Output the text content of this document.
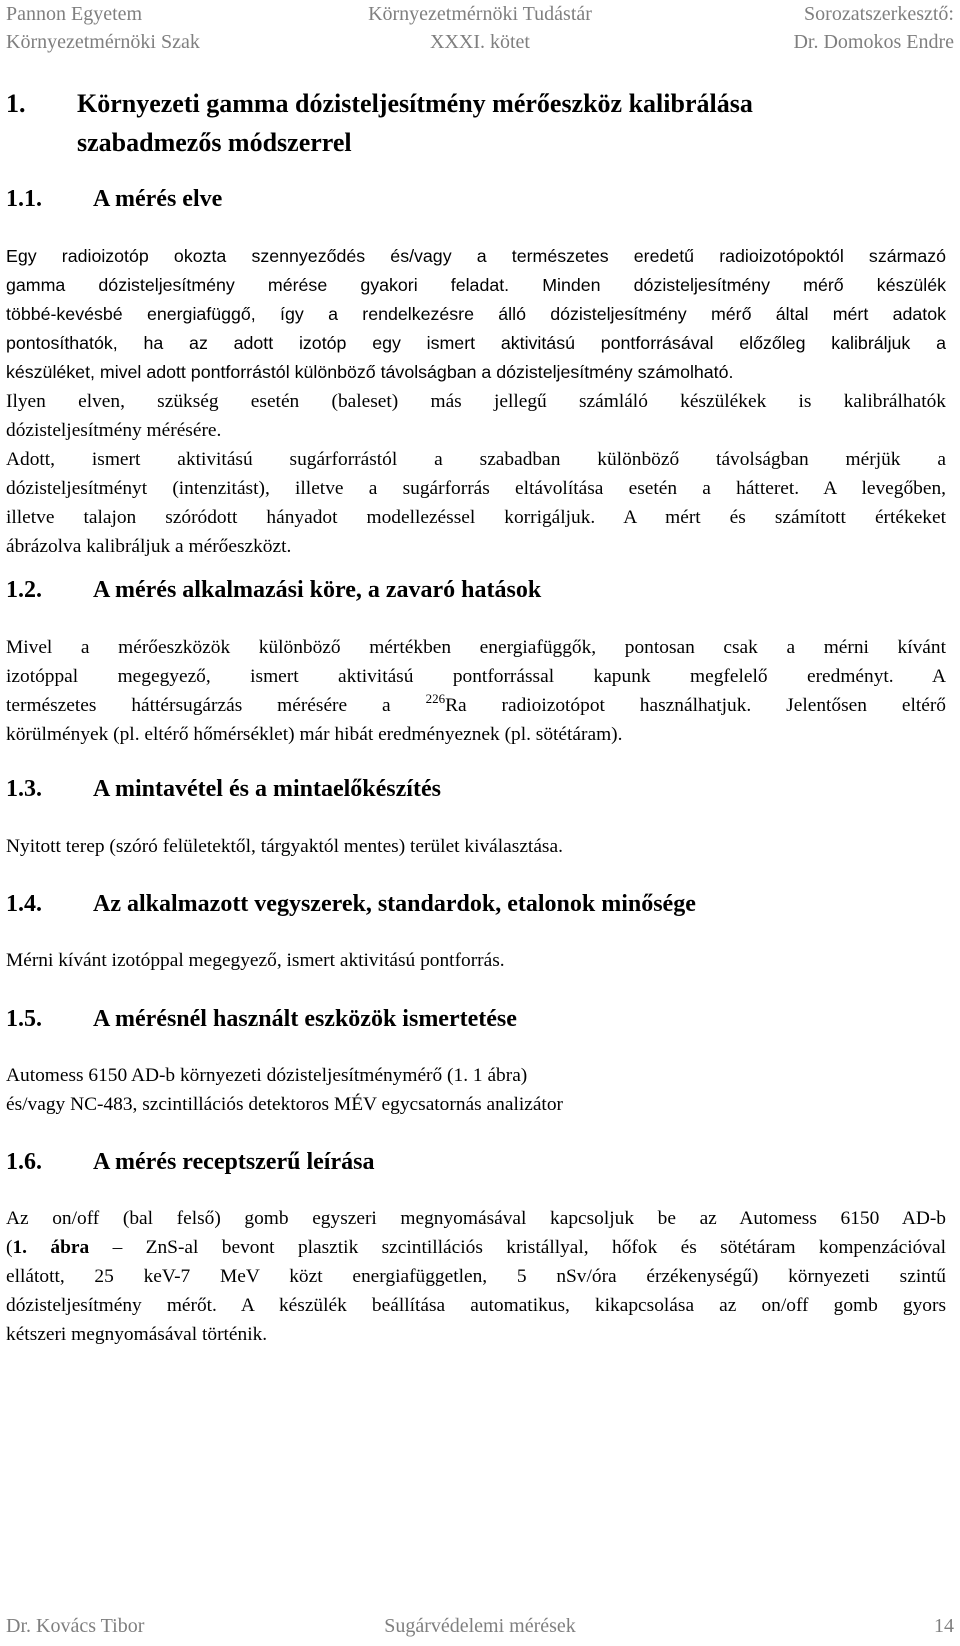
Pannon Egyetem	Környezetmérnöki Tudástár	Sorozatszerkesztő:
Környezetmérnöki Szak	XXXI. kötet	Dr. Domokos Endre
1.	Környezeti gamma dózisteljesítmény mérőeszköz kalibrálása
szabadmezős módszerrel
1.1.	A mérés elve
Egy radioizotóp okozta szennyeződés és/vagy a természetes eredetű radioizotópoktól származó
gamma dózisteljesítmény mérése gyakori feladat. Minden dózisteljesítmény mérő készülék
többé-kevésbé energiafüggő, így a rendelkezésre álló dózisteljesítmény mérő által mért adatok
pontosíthatók, ha az adott izotóp egy ismert aktivitású pontforrásával előzőleg kalibráljuk a
készüléket, mivel adott pontforrástól különböző távolságban a dózisteljesítmény számolható.
Ilyen elven, szükség esetén (baleset) más jellegű számláló készülékek is kalibrálhatók
dózisteljesítmény mérésére.
Adott, ismert aktivitású sugárforrástól a szabadban különböző távolságban mérjük a
dózisteljesítményt (intenzitást), illetve a sugárforrás eltávolítása esetén a hátteret. A levegőben,
illetve talajon szóródott hányadot modellezéssel korrigáljuk. A mért és számított értékeket
ábrázolva kalibráljuk a mérőeszközt.
1.2.	A mérés alkalmazási köre, a zavaró hatások
Mivel a mérőeszközök különböző mértékben energiafüggők, pontosan csak a mérni kívánt
izotóppal megegyező, ismert aktivitású pontforrással kapunk megfelelő eredményt. A
természetes háttérsugárzás mérésére a $^{226}$Ra radioizotópot használhatjuk. Jelentősen eltérő
körülmények (pl. eltérő hőmérséklet) már hibát eredményeznek (pl. sötétáram).
1.3.	A mintavétel és a mintaelőkészítés
Nyitott terep (szóró felületektől, tárgyaktól mentes) terület kiválasztása.
1.4.	Az alkalmazott vegyszerek, standardok, etalonok minősége
Mérni kívánt izotóppal megegyező, ismert aktivitású pontforrás.
1.5.	A mérésnél használt eszközök ismertetése
Automess 6150 AD-b környezeti dózisteljesítménymérő (1. 1 ábra)
és/vagy NC-483, szcintillációs detektoros MÉV egycsatornás analizátor
1.6.	A mérés receptszerű leírása
Az on/off (bal felső) gomb egyszeri megnyomásával kapcsoljuk be az Automess 6150 AD-b
(1. ábra – ZnS-al bevont plasztik szcintillációs kristállyal, hőfok és sötétáram kompenzációval
ellátott, 25 keV-7 MeV közt energiafüggetlen, 5 nSv/óra érzékenységű) környezeti szintű
dózisteljesítmény mérőt. A készülék beállítása automatikus, kikapcsolása az on/off gomb gyors
kétszeri megnyomásával történik.
Dr. Kovács Tibor	Sugárvédelemi mérések	14
